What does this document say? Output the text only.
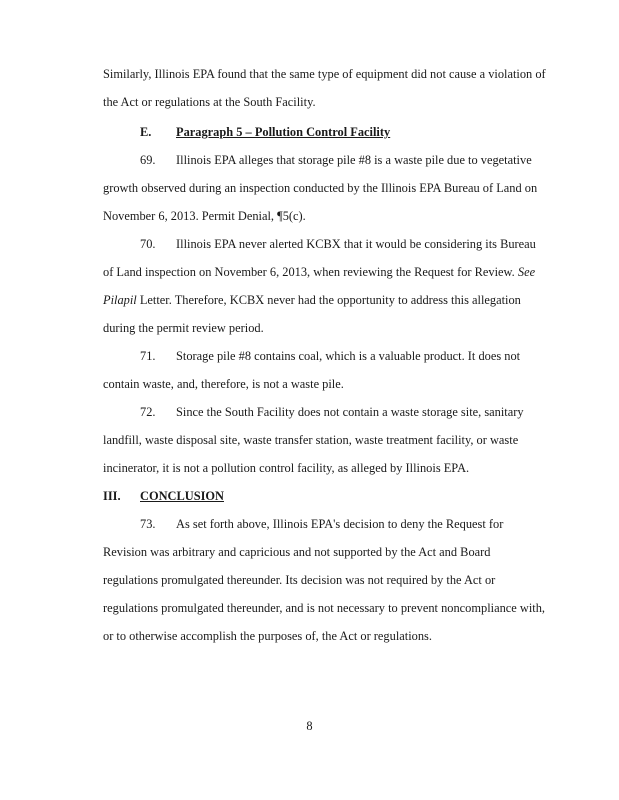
Similarly, Illinois EPA found that the same type of equipment did not cause a violation of
the Act or regulations at the South Facility.
E. Paragraph 5 – Pollution Control Facility
69. Illinois EPA alleges that storage pile #8 is a waste pile due to vegetative
growth observed during an inspection conducted by the Illinois EPA Bureau of Land on
November 6, 2013. Permit Denial, ¶5(c).
70. Illinois EPA never alerted KCBX that it would be considering its Bureau
of Land inspection on November 6, 2013, when reviewing the Request for Review. See
Pilapil Letter. Therefore, KCBX never had the opportunity to address this allegation
during the permit review period.
71. Storage pile #8 contains coal, which is a valuable product. It does not
contain waste, and, therefore, is not a waste pile.
72. Since the South Facility does not contain a waste storage site, sanitary
landfill, waste disposal site, waste transfer station, waste treatment facility, or waste
incinerator, it is not a pollution control facility, as alleged by Illinois EPA.
III. CONCLUSION
73. As set forth above, Illinois EPA's decision to deny the Request for
Revision was arbitrary and capricious and not supported by the Act and Board
regulations promulgated thereunder. Its decision was not required by the Act or
regulations promulgated thereunder, and is not necessary to prevent noncompliance with,
or to otherwise accomplish the purposes of, the Act or regulations.
8
